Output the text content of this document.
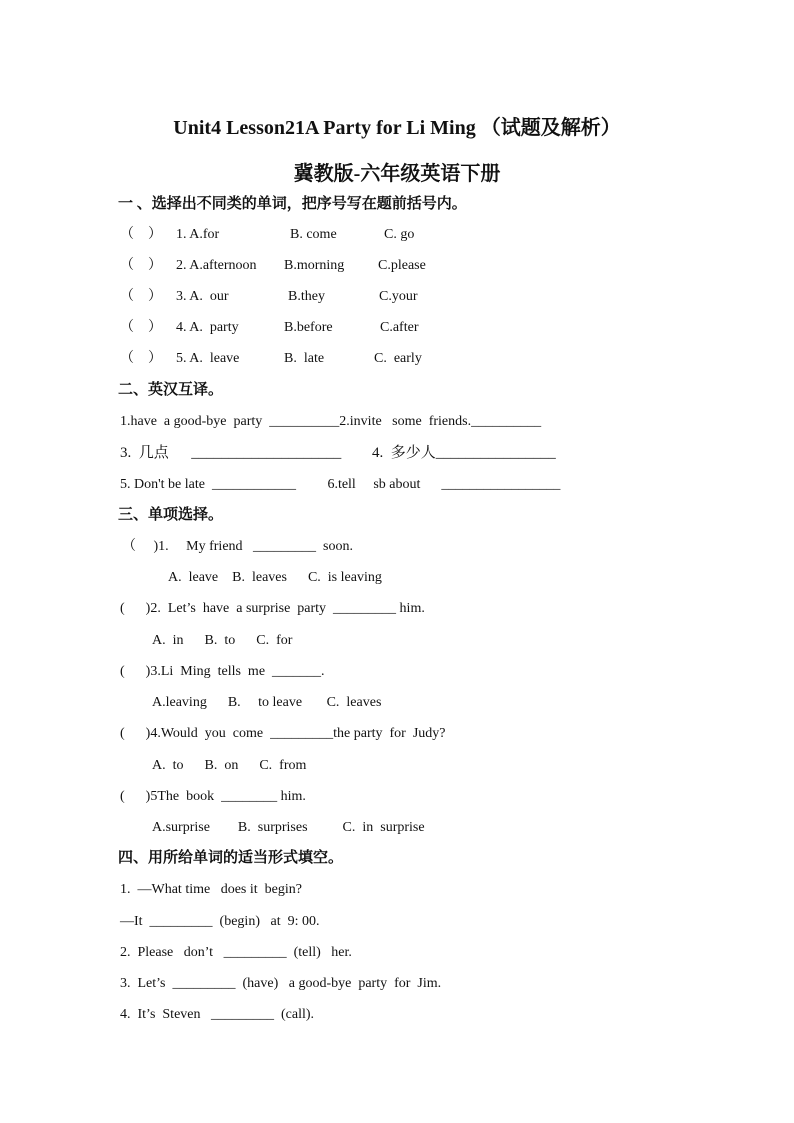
Unit4 Lesson21A Party for Li Ming （试题及解析）
冀教版-六年级英语下册
一 、选择出不同类的单词，把序号写在题前括号内。
（    ） 1. A.for	B. come	C. go
（    ） 2. A.afternoon B.morning C.please
（    ） 3. A.  our	B.they	C.your
（    ） 4. A.  party	B.before	C.after
（    ） 5. A.  leave	B.  late	C.  early
二、英汉互译。
1.have  a good-bye  party  __________2.invite   some  friends.__________
3.  几点      ____________________ 4.  多少人________________
5. Don't be late  ____________         6.tell     sb about      _________________
三、单项选择。
（     )1.     My friend   _________  soon.
A.  leave    B.  leaves      C.  is leaving
(      )2.  Let’s  have  a surprise  party  _________ him.
A.  in      B.  to      C.  for
(      )3.Li  Ming  tells  me  _______.
A.leaving      B.     to leave       C.  leaves
(      )4.Would  you  come  _________the party  for  Judy?
A.  to      B.  on      C.  from
(      )5The  book  ________ him.
A.surprise        B.  surprises          C.  in  surprise
四、用所给单词的适当形式填空。
1.  —What time   does it  begin?
—It  _________  (begin)   at  9: 00.
2.  Please   don’t   _________  (tell)   her.
3.  Let’s  _________  (have)   a good-bye  party  for  Jim.
4.  It’s  Steven   _________  (call).
